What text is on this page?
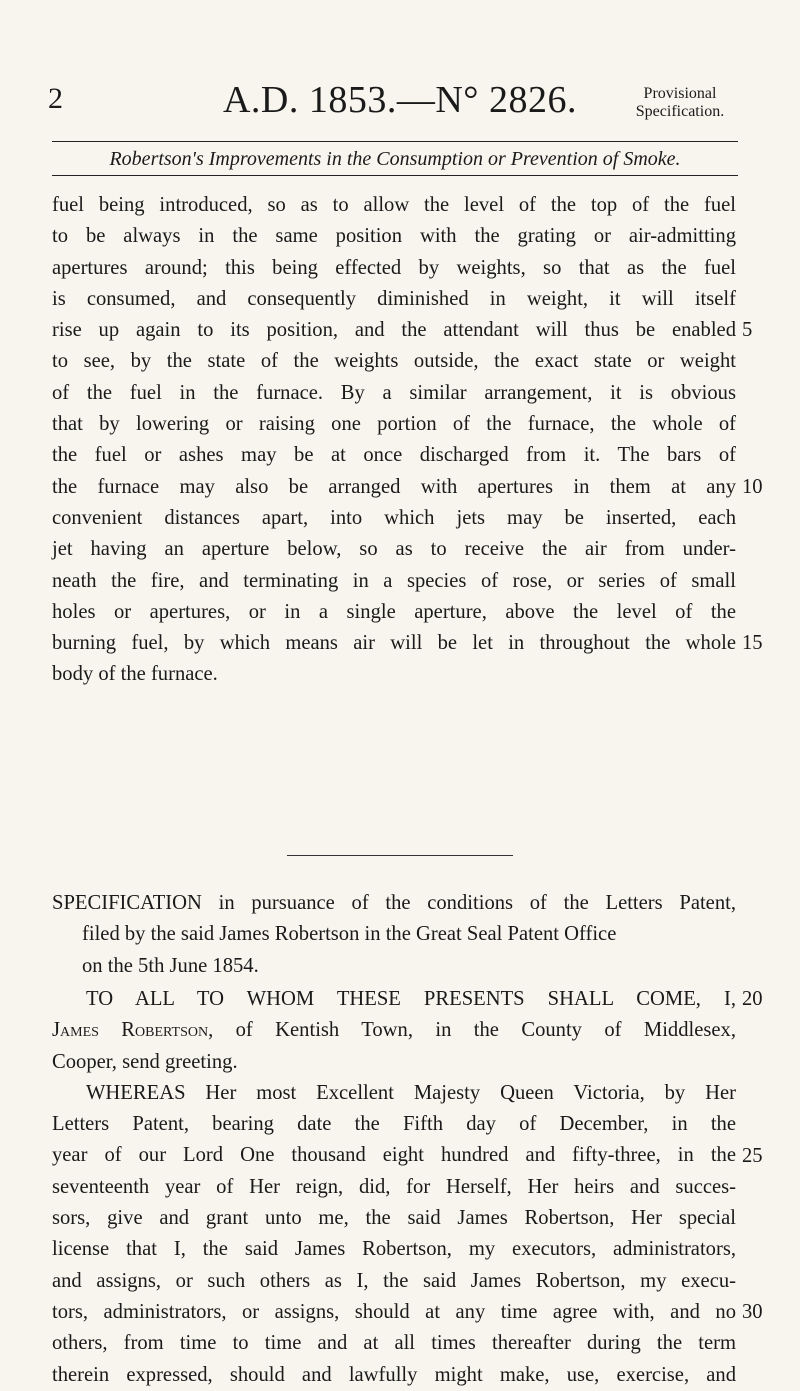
2	A.D. 1853.—N° 2826.	Provisional
Specification.
Robertson's Improvements in the Consumption or Prevention of Smoke.
fuel being introduced, so as to allow the level of the top of the fuel
to be always in the same position with the grating or air-admitting
apertures around; this being effected by weights, so that as the fuel
is consumed, and consequently diminished in weight, it will itself
rise up again to its position, and the attendant will thus be enabled
to see, by the state of the weights outside, the exact state or weight
of the fuel in the furnace. By a similar arrangement, it is obvious
that by lowering or raising one portion of the furnace, the whole of
the fuel or ashes may be at once discharged from it. The bars of
the furnace may also be arranged with apertures in them at any
convenient distances apart, into which jets may be inserted, each
jet having an aperture below, so as to receive the air from under-
neath the fire, and terminating in a species of rose, or series of small
holes or apertures, or in a single aperture, above the level of the
burning fuel, by which means air will be let in throughout the whole
body of the furnace.
SPECIFICATION in pursuance of the conditions of the Letters Patent,
filed by the said James Robertson in the Great Seal Patent Office
on the 5th June 1854.
TO ALL TO WHOM THESE PRESENTS SHALL COME, I,
James Robertson, of Kentish Town, in the County of Middlesex,
Cooper, send greeting.
WHEREAS Her most Excellent Majesty Queen Victoria, by Her
Letters Patent, bearing date the Fifth day of December, in the
year of our Lord One thousand eight hundred and fifty-three, in the
seventeenth year of Her reign, did, for Herself, Her heirs and succes-
sors, give and grant unto me, the said James Robertson, Her special
license that I, the said James Robertson, my executors, administrators,
and assigns, or such others as I, the said James Robertson, my execu-
tors, administrators, or assigns, should at any time agree with, and no
others, from time to time and at all times thereafter during the term
therein expressed, should and lawfully might make, use, exercise, and
5
10
15
20
25
30
